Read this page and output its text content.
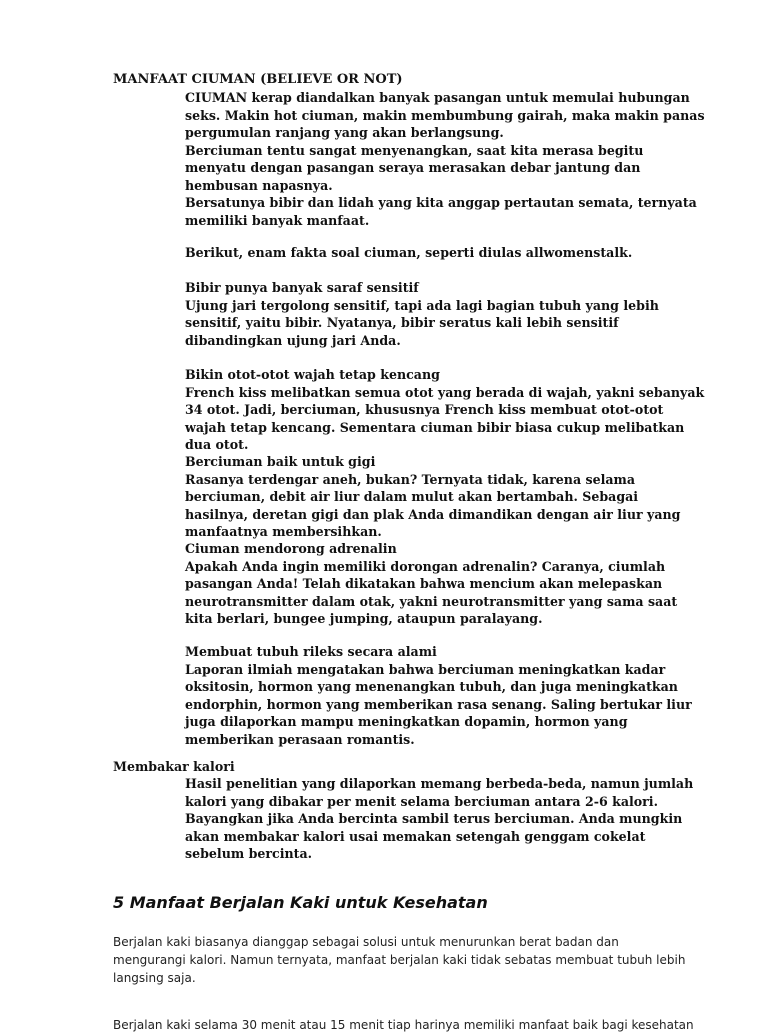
MANFAAT CIUMAN (BELIEVE OR NOT)

CIUMAN kerap diandalkan banyak pasangan untuk memulai hubungan seks. Makin hot ciuman, makin membumbung gairah, maka makin panas pergumulan ranjang yang akan berlangsung.

Berciuman tentu sangat menyenangkan, saat kita merasa begitu menyatu dengan pasangan seraya merasakan debar jantung dan hembusan napasnya.

Bersatunya bibir dan lidah yang kita anggap pertautan semata, ternyata memiliki banyak manfaat.

Berikut, enam fakta soal ciuman, seperti diulas allwomenstalk.

Bibir punya banyak saraf sensitif

Ujung jari tergolong sensitif, tapi ada lagi bagian tubuh yang lebih sensitif, yaitu bibir. Nyatanya, bibir seratus kali lebih sensitif dibandingkan ujung jari Anda.

Bikin otot-otot wajah tetap kencang

French kiss melibatkan semua otot yang berada di wajah, yakni sebanyak 34 otot. Jadi, berciuman, khususnya French kiss membuat otot-otot wajah tetap kencang. Sementara ciuman bibir biasa cukup melibatkan dua otot.

Berciuman baik untuk gigi

Rasanya terdengar aneh, bukan? Ternyata tidak, karena selama berciuman, debit air liur dalam mulut akan bertambah. Sebagai hasilnya, deretan gigi dan plak Anda dimandikan dengan air liur yang manfaatnya membersihkan.

Ciuman mendorong adrenalin

Apakah Anda ingin memiliki dorongan adrenalin? Caranya, ciumlah pasangan Anda! Telah dikatakan bahwa mencium akan melepaskan neurotransmitter dalam otak, yakni neurotransmitter yang sama saat kita berlari, bungee jumping, ataupun paralayang.

Membuat tubuh rileks secara alami

Laporan ilmiah mengatakan bahwa berciuman meningkatkan kadar oksitosin, hormon yang menenangkan tubuh, dan juga meningkatkan endorphin, hormon yang memberikan rasa senang. Saling bertukar liur juga dilaporkan mampu meningkatkan dopamin, hormon yang memberikan perasaan romantis.

Membakar kalori

Hasil penelitian yang dilaporkan memang berbeda-beda, namun jumlah kalori yang dibakar per menit selama berciuman antara 2-6 kalori. Bayangkan jika Anda bercinta sambil terus berciuman. Anda mungkin akan membakar kalori usai memakan setengah genggam cokelat sebelum bercinta.

5 Manfaat Berjalan Kaki untuk Kesehatan
Berjalan kaki biasanya dianggap sebagai solusi untuk menurunkan berat badan dan mengurangi kalori. Namun ternyata, manfaat berjalan kaki tidak sebatas membuat tubuh lebih langsing saja.
Berjalan kaki selama 30 menit atau 15 menit tiap harinya memiliki manfaat baik bagi kesehatan
